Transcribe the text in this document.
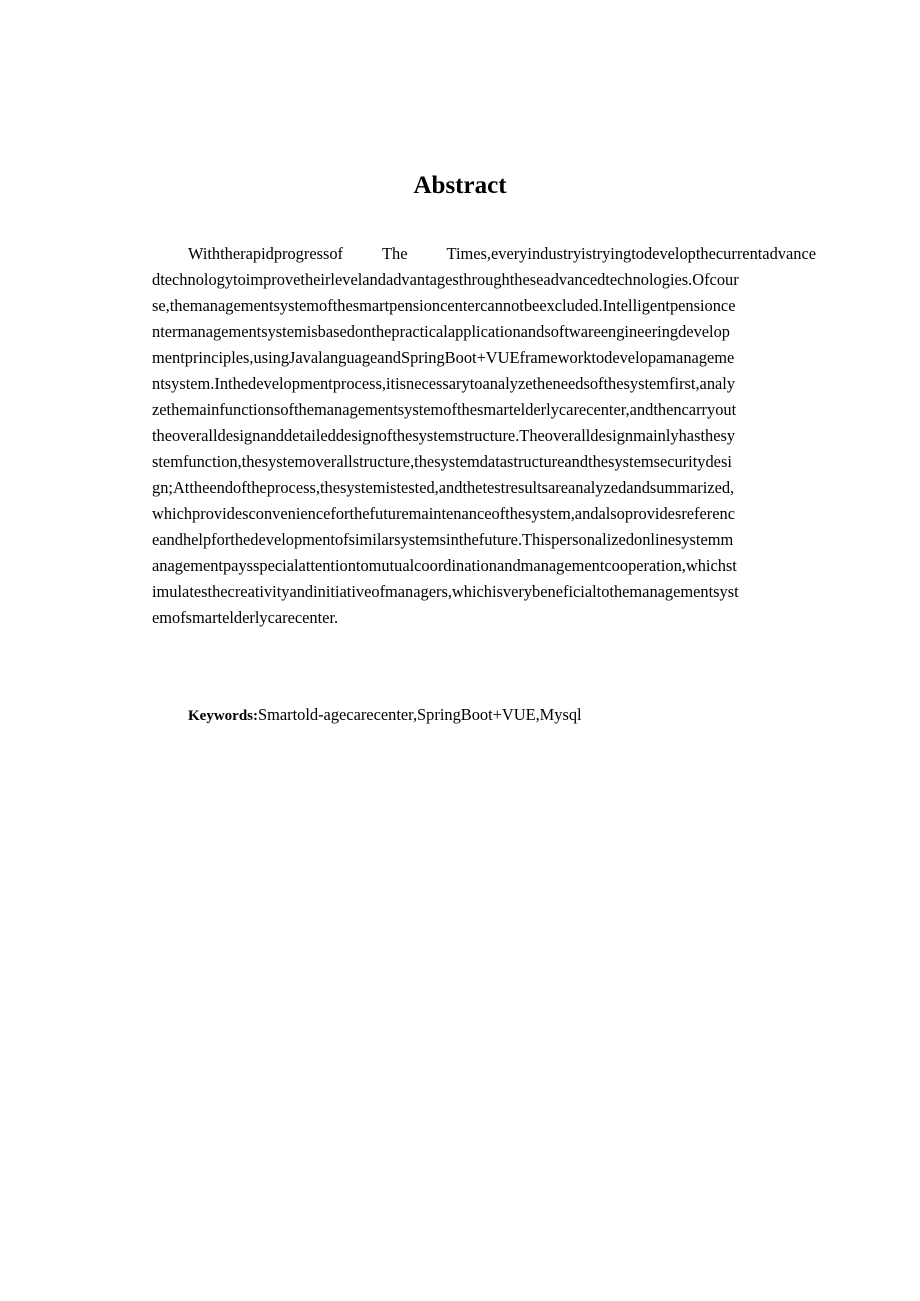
Abstract
Withtherapidprogressof The Times,everyindustryistryingtodevelopthecurrentadvance
dtechnologytoimprovetheirlevelandadvantagesthroughtheseadvancedtechnologies.Ofcour
se,themanagementsystemofthesmartpensioncentercannotbeexcluded.Intelligentpensionce
ntermanagementsystemisbasedonthepracticalapplicationandsoftwareengineeringdevelop
mentprinciples,usingJavalanguageandSpringBoot+VUEframeworktodevelopamanageme
ntsystem.Inthedevelopmentprocess,itisnecessarytoanalyzetheneedsofthesystemfirst,analy
zethemainfunctionsofthemanagementsystemofthesmartelderlycarecenter,andthencarryout
theoveralldesignanddetaileddesignofthesystemstructure.Theoveralldesignmainlyhasthesy
stemfunction,thesystemoverallstructure,thesystemdatastructureandthesystemsecuritydesi
gn;Attheendoftheprocess,thesystemistested,andthetestresultsareanalyzedandsummarized,
whichprovidesconvenienceforthefuturemaintenanceofthesystem,andalsoprovidesreferenc
eandhelpforthedevelopmentofsimilarsystemsinthefuture.Thispersonalizedonlinesystemm
anagementpaysspecialattentiontomutualcoordinationandmanagementcooperation,whichst
imulatesthecreativityandinitiativeofmanagers,whichisverybeneficialtothemanagementsyst
emofsmartelderlycarecenter.
Keywords:Smartold-agecarecenter,SpringBoot+VUE,Mysql
